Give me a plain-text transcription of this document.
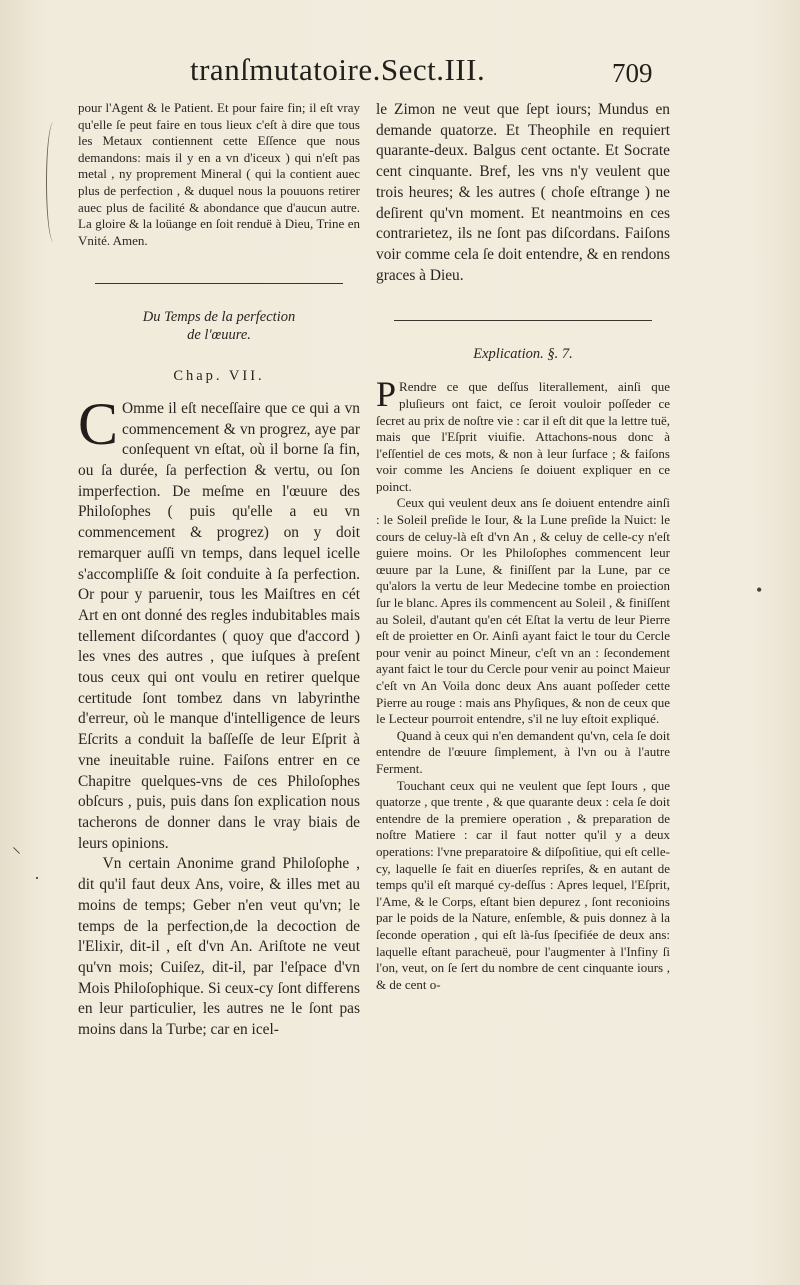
tranſmutatoire.Sect.III.	709
⸌
·
•

pour l'Agent & le Patient. Et pour faire fin; il eſt vray qu'elle ſe peut faire en tous lieux c'eſt à dire que tous les Metaux contiennent cette Eſſence que nous demandons: mais il y en a vn d'iceux ) qui n'eſt pas metal , ny proprement Mineral ( qui la contient auec plus de perfection , & duquel nous la pouuons retirer auec plus de facilité & abondance que d'aucun autre. La gloire & la loüange en ſoit renduë à Dieu, Trine en Vnité. Amen.

Du Temps de la perfection
de l'œuure.
Chap. VII.

C Omme il eſt neceſſaire que ce qui a vn commencement & vn progrez, aye par conſequent vn eſtat, où il borne ſa fin, ou ſa durée, ſa perfection & vertu, ou ſon imperfection. De meſme en l'œuure des Philoſophes ( puis qu'elle a eu vn commencement & progrez) on y doit remarquer auſſi vn temps, dans lequel icelle s'accompliſſe & ſoit conduite à ſa perfection. Or pour y paruenir, tous les Maiſtres en cét Art en ont donné des regles indubitables mais tellement diſcordantes ( quoy que d'accord ) les vnes des autres , que iuſques à preſent tous ceux qui ont voulu en retirer quelque certitude ſont tombez dans vn labyrinthe d'erreur, où le manque d'intelligence de leurs Eſcrits a conduit la baſſeſſe de leur Eſprit à vne ineuitable ruine. Faiſons entrer en ce Chapitre quelques-vns de ces Philoſophes obſcurs , puis, puis dans ſon explication nous tacherons de donner dans le vray biais de leurs opinions.

Vn certain Anonime grand Philoſophe , dit qu'il faut deux Ans, voire, & illes met au moins de temps; Geber n'en veut qu'vn; le temps de la perfection,de la decoction de l'Elixir, dit-il , eſt d'vn An. Ariſtote ne veut qu'vn mois; Cuiſez, dit-il, par l'eſpace d'vn Mois Philoſophique. Si ceux-cy ſont differens en leur particulier, les autres ne le ſont pas moins dans la Turbe; car en icel-

le Zimon ne veut que ſept iours; Mundus en demande quatorze. Et Theophile en requiert quarante-deux. Balgus cent octante. Et Socrate cent cinquante. Bref, les vns n'y veulent que trois heures; & les autres ( choſe eſtrange ) ne deſirent qu'vn moment. Et neantmoins en ces contrarietez, ils ne ſont pas diſcordans. Faiſons voir comme cela ſe doit entendre, & en rendons graces à Dieu.

Explication. §. 7.

P Rendre ce que deſſus literallement, ainſi que pluſieurs ont faict, ce ſeroit vouloir poſſeder ce ſecret au prix de noſtre vie : car il eſt dit que la lettre tuë, mais que l'Eſprit viuifie. Attachons-nous donc à l'eſſentiel de ces mots, & non à leur ſurface ; & faiſons voir comme les Anciens ſe doiuent expliquer en ce poinct.

Ceux qui veulent deux ans ſe doiuent entendre ainſi : le Soleil preſide le Iour, & la Lune preſide la Nuict: le cours de celuy-là eſt d'vn An , & celuy de celle-cy n'eſt guiere moins. Or les Philoſophes commencent leur œuure par la Lune, & finiſſent par la Lune, par ce qu'alors la vertu de leur Medecine tombe en proiection ſur le blanc. Apres ils commencent au Soleil , & finiſſent au Soleil, d'autant qu'en cét Eſtat la vertu de leur Pierre eſt de proietter en Or. Ainſi ayant faict le tour du Cercle pour venir au poinct Mineur, c'eſt vn an : ſecondement ayant faict le tour du Cercle pour venir au poinct Maieur c'eſt vn An Voila donc deux Ans auant poſſeder cette Pierre au rouge : mais ans Phyſiques, & non de ceux que le Lecteur pourroit entendre, s'il ne luy eſtoit expliqué.

Quand à ceux qui n'en demandent qu'vn, cela ſe doit entendre de l'œuure ſimplement, à l'vn ou à l'autre Ferment.

Touchant ceux qui ne veulent que ſept Iours , que quatorze , que trente , & que quarante deux : cela ſe doit entendre de la premiere operation , & preparation de noſtre Matiere : car il faut notter qu'il y a deux operations: l'vne preparatoire & diſpoſitiue, qui eſt celle-cy, laquelle ſe fait en diuerſes repriſes, & en autant de temps qu'il eſt marqué cy-deſſus : Apres lequel, l'Eſprit, l'Ame, & le Corps, eſtant bien depurez , ſont reconioins par le poids de la Nature, enſemble, & puis donnez à la ſeconde operation , qui eſt là-ſus ſpecifiée de deux ans: laquelle eſtant paracheuë, pour l'augmenter à l'Infiny ſi l'on, veut, on ſe ſert du nombre de cent cinquante iours , & de cent o-
